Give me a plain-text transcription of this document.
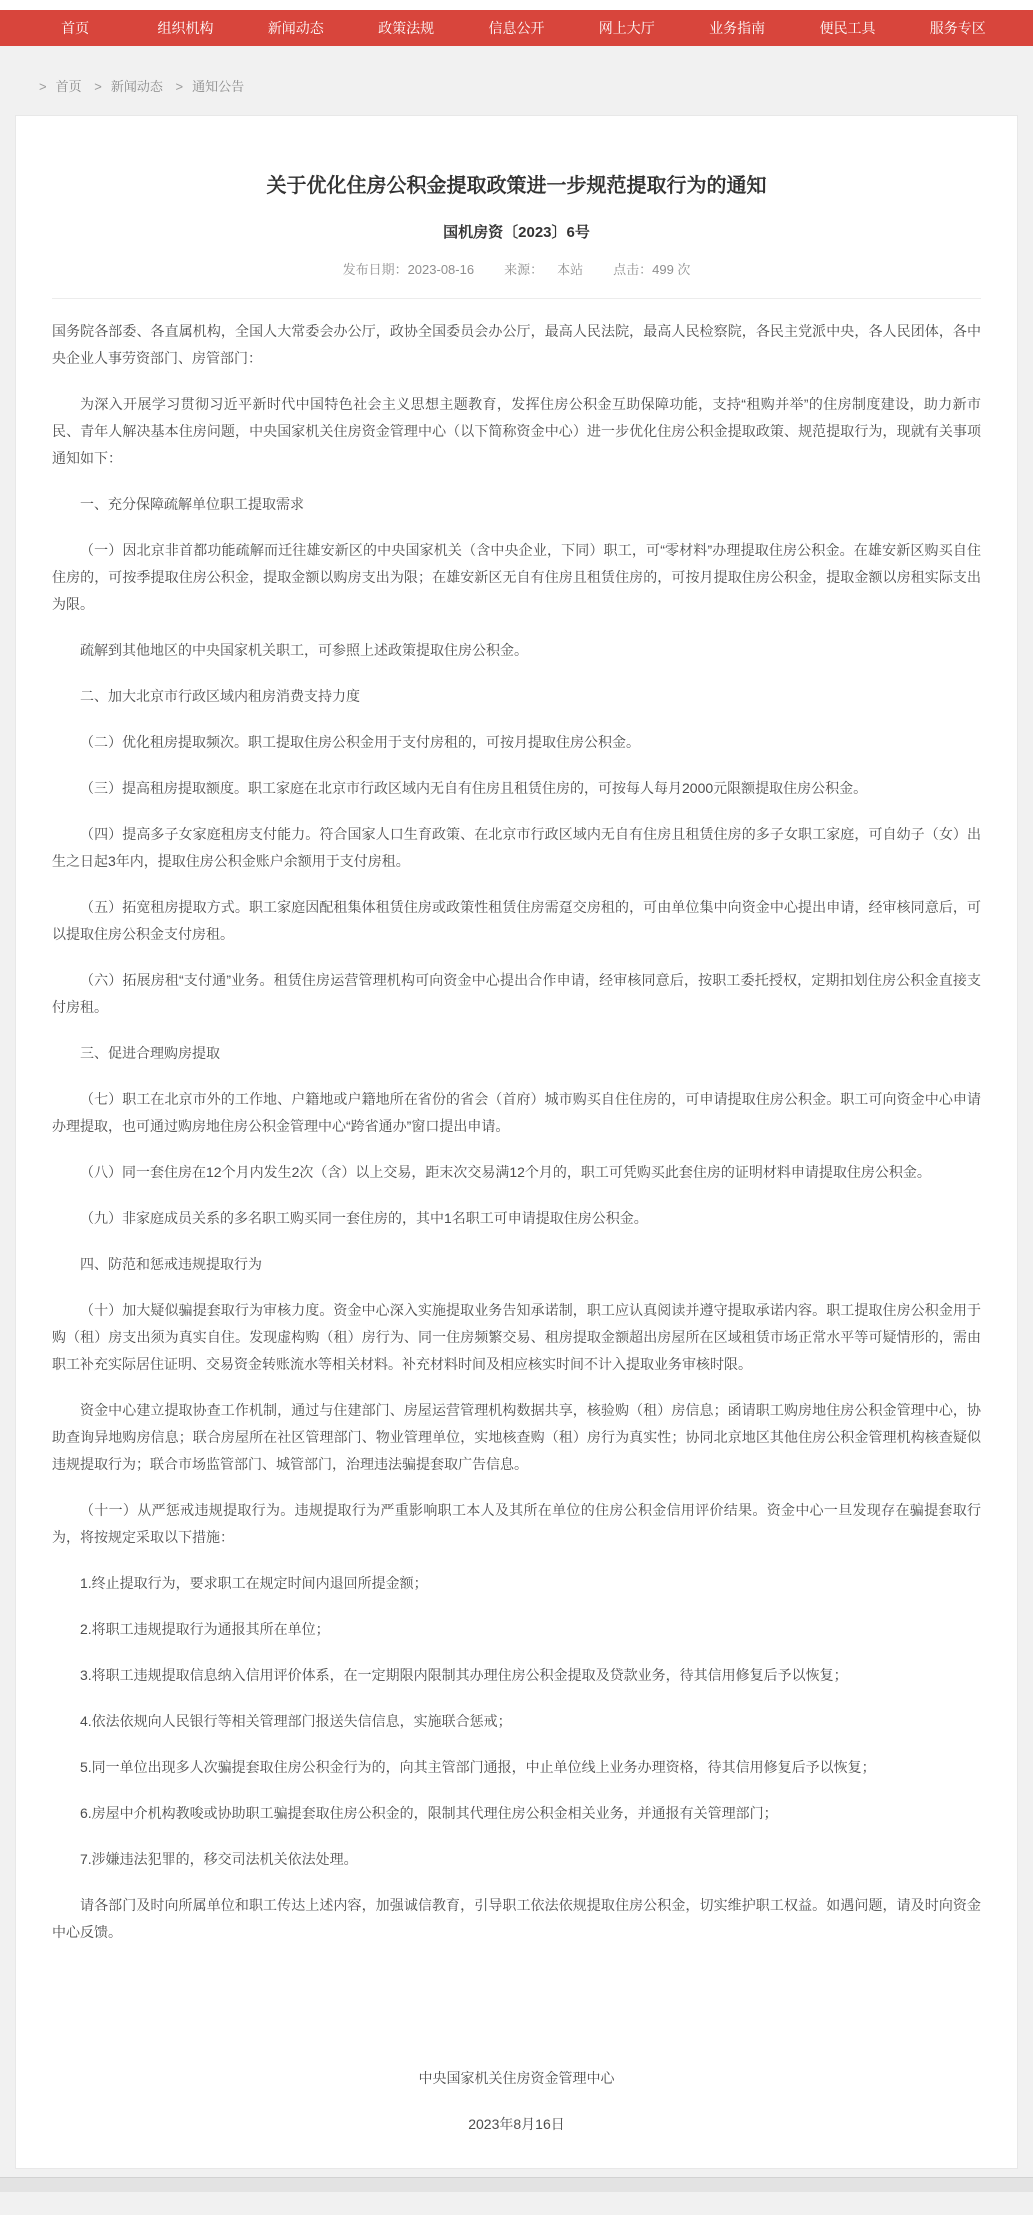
首页	组织机构	新闻动态	政策法规	信息公开	网上大厅	业务指南	便民工具	服务专区
> 首页 > 新闻动态 > 通知公告
关于优化住房公积金提取政策进一步规范提取行为的通知
国机房资〔2023〕6号
发布日期：2023-08-16 来源： 本站 点击：499 次

国务院各部委、各直属机构，全国人大常委会办公厅，政协全国委员会办公厅，最高人民法院，最高人民检察院，各民主党派中央，各人民团体，各中央企业人事劳资部门、房管部门：

为深入开展学习贯彻习近平新时代中国特色社会主义思想主题教育，发挥住房公积金互助保障功能，支持“租购并举”的住房制度建设，助力新市民、青年人解决基本住房问题，中央国家机关住房资金管理中心（以下简称资金中心）进一步优化住房公积金提取政策、规范提取行为，现就有关事项通知如下：

一、充分保障疏解单位职工提取需求

（一）因北京非首都功能疏解而迁往雄安新区的中央国家机关（含中央企业，下同）职工，可“零材料”办理提取住房公积金。在雄安新区购买自住住房的，可按季提取住房公积金，提取金额以购房支出为限；在雄安新区无自有住房且租赁住房的，可按月提取住房公积金，提取金额以房租实际支出为限。

疏解到其他地区的中央国家机关职工，可参照上述政策提取住房公积金。

二、加大北京市行政区域内租房消费支持力度

（二）优化租房提取频次。职工提取住房公积金用于支付房租的，可按月提取住房公积金。

（三）提高租房提取额度。职工家庭在北京市行政区域内无自有住房且租赁住房的，可按每人每月2000元限额提取住房公积金。

（四）提高多子女家庭租房支付能力。符合国家人口生育政策、在北京市行政区域内无自有住房且租赁住房的多子女职工家庭，可自幼子（女）出生之日起3年内，提取住房公积金账户余额用于支付房租。

（五）拓宽租房提取方式。职工家庭因配租集体租赁住房或政策性租赁住房需趸交房租的，可由单位集中向资金中心提出申请，经审核同意后，可以提取住房公积金支付房租。

（六）拓展房租“支付通”业务。租赁住房运营管理机构可向资金中心提出合作申请，经审核同意后，按职工委托授权，定期扣划住房公积金直接支付房租。

三、促进合理购房提取

（七）职工在北京市外的工作地、户籍地或户籍地所在省份的省会（首府）城市购买自住住房的，可申请提取住房公积金。职工可向资金中心申请办理提取，也可通过购房地住房公积金管理中心“跨省通办”窗口提出申请。

（八）同一套住房在12个月内发生2次（含）以上交易，距末次交易满12个月的，职工可凭购买此套住房的证明材料申请提取住房公积金。

（九）非家庭成员关系的多名职工购买同一套住房的，其中1名职工可申请提取住房公积金。

四、防范和惩戒违规提取行为

（十）加大疑似骗提套取行为审核力度。资金中心深入实施提取业务告知承诺制，职工应认真阅读并遵守提取承诺内容。职工提取住房公积金用于购（租）房支出须为真实自住。发现虚构购（租）房行为、同一住房频繁交易、租房提取金额超出房屋所在区域租赁市场正常水平等可疑情形的，需由职工补充实际居住证明、交易资金转账流水等相关材料。补充材料时间及相应核实时间不计入提取业务审核时限。

资金中心建立提取协查工作机制，通过与住建部门、房屋运营管理机构数据共享，核验购（租）房信息；函请职工购房地住房公积金管理中心，协助查询异地购房信息；联合房屋所在社区管理部门、物业管理单位，实地核查购（租）房行为真实性；协同北京地区其他住房公积金管理机构核查疑似违规提取行为；联合市场监管部门、城管部门，治理违法骗提套取广告信息。

（十一）从严惩戒违规提取行为。违规提取行为严重影响职工本人及其所在单位的住房公积金信用评价结果。资金中心一旦发现存在骗提套取行为，将按规定采取以下措施：

1.终止提取行为，要求职工在规定时间内退回所提金额；

2.将职工违规提取行为通报其所在单位；

3.将职工违规提取信息纳入信用评价体系，在一定期限内限制其办理住房公积金提取及贷款业务，待其信用修复后予以恢复；

4.依法依规向人民银行等相关管理部门报送失信信息，实施联合惩戒；

5.同一单位出现多人次骗提套取住房公积金行为的，向其主管部门通报，中止单位线上业务办理资格，待其信用修复后予以恢复；

6.房屋中介机构教唆或协助职工骗提套取住房公积金的，限制其代理住房公积金相关业务，并通报有关管理部门；

7.涉嫌违法犯罪的，移交司法机关依法处理。

请各部门及时向所属单位和职工传达上述内容，加强诚信教育，引导职工依法依规提取住房公积金，切实维护职工权益。如遇问题，请及时向资金中心反馈。

中央国家机关住房资金管理中心
2023年8月16日
